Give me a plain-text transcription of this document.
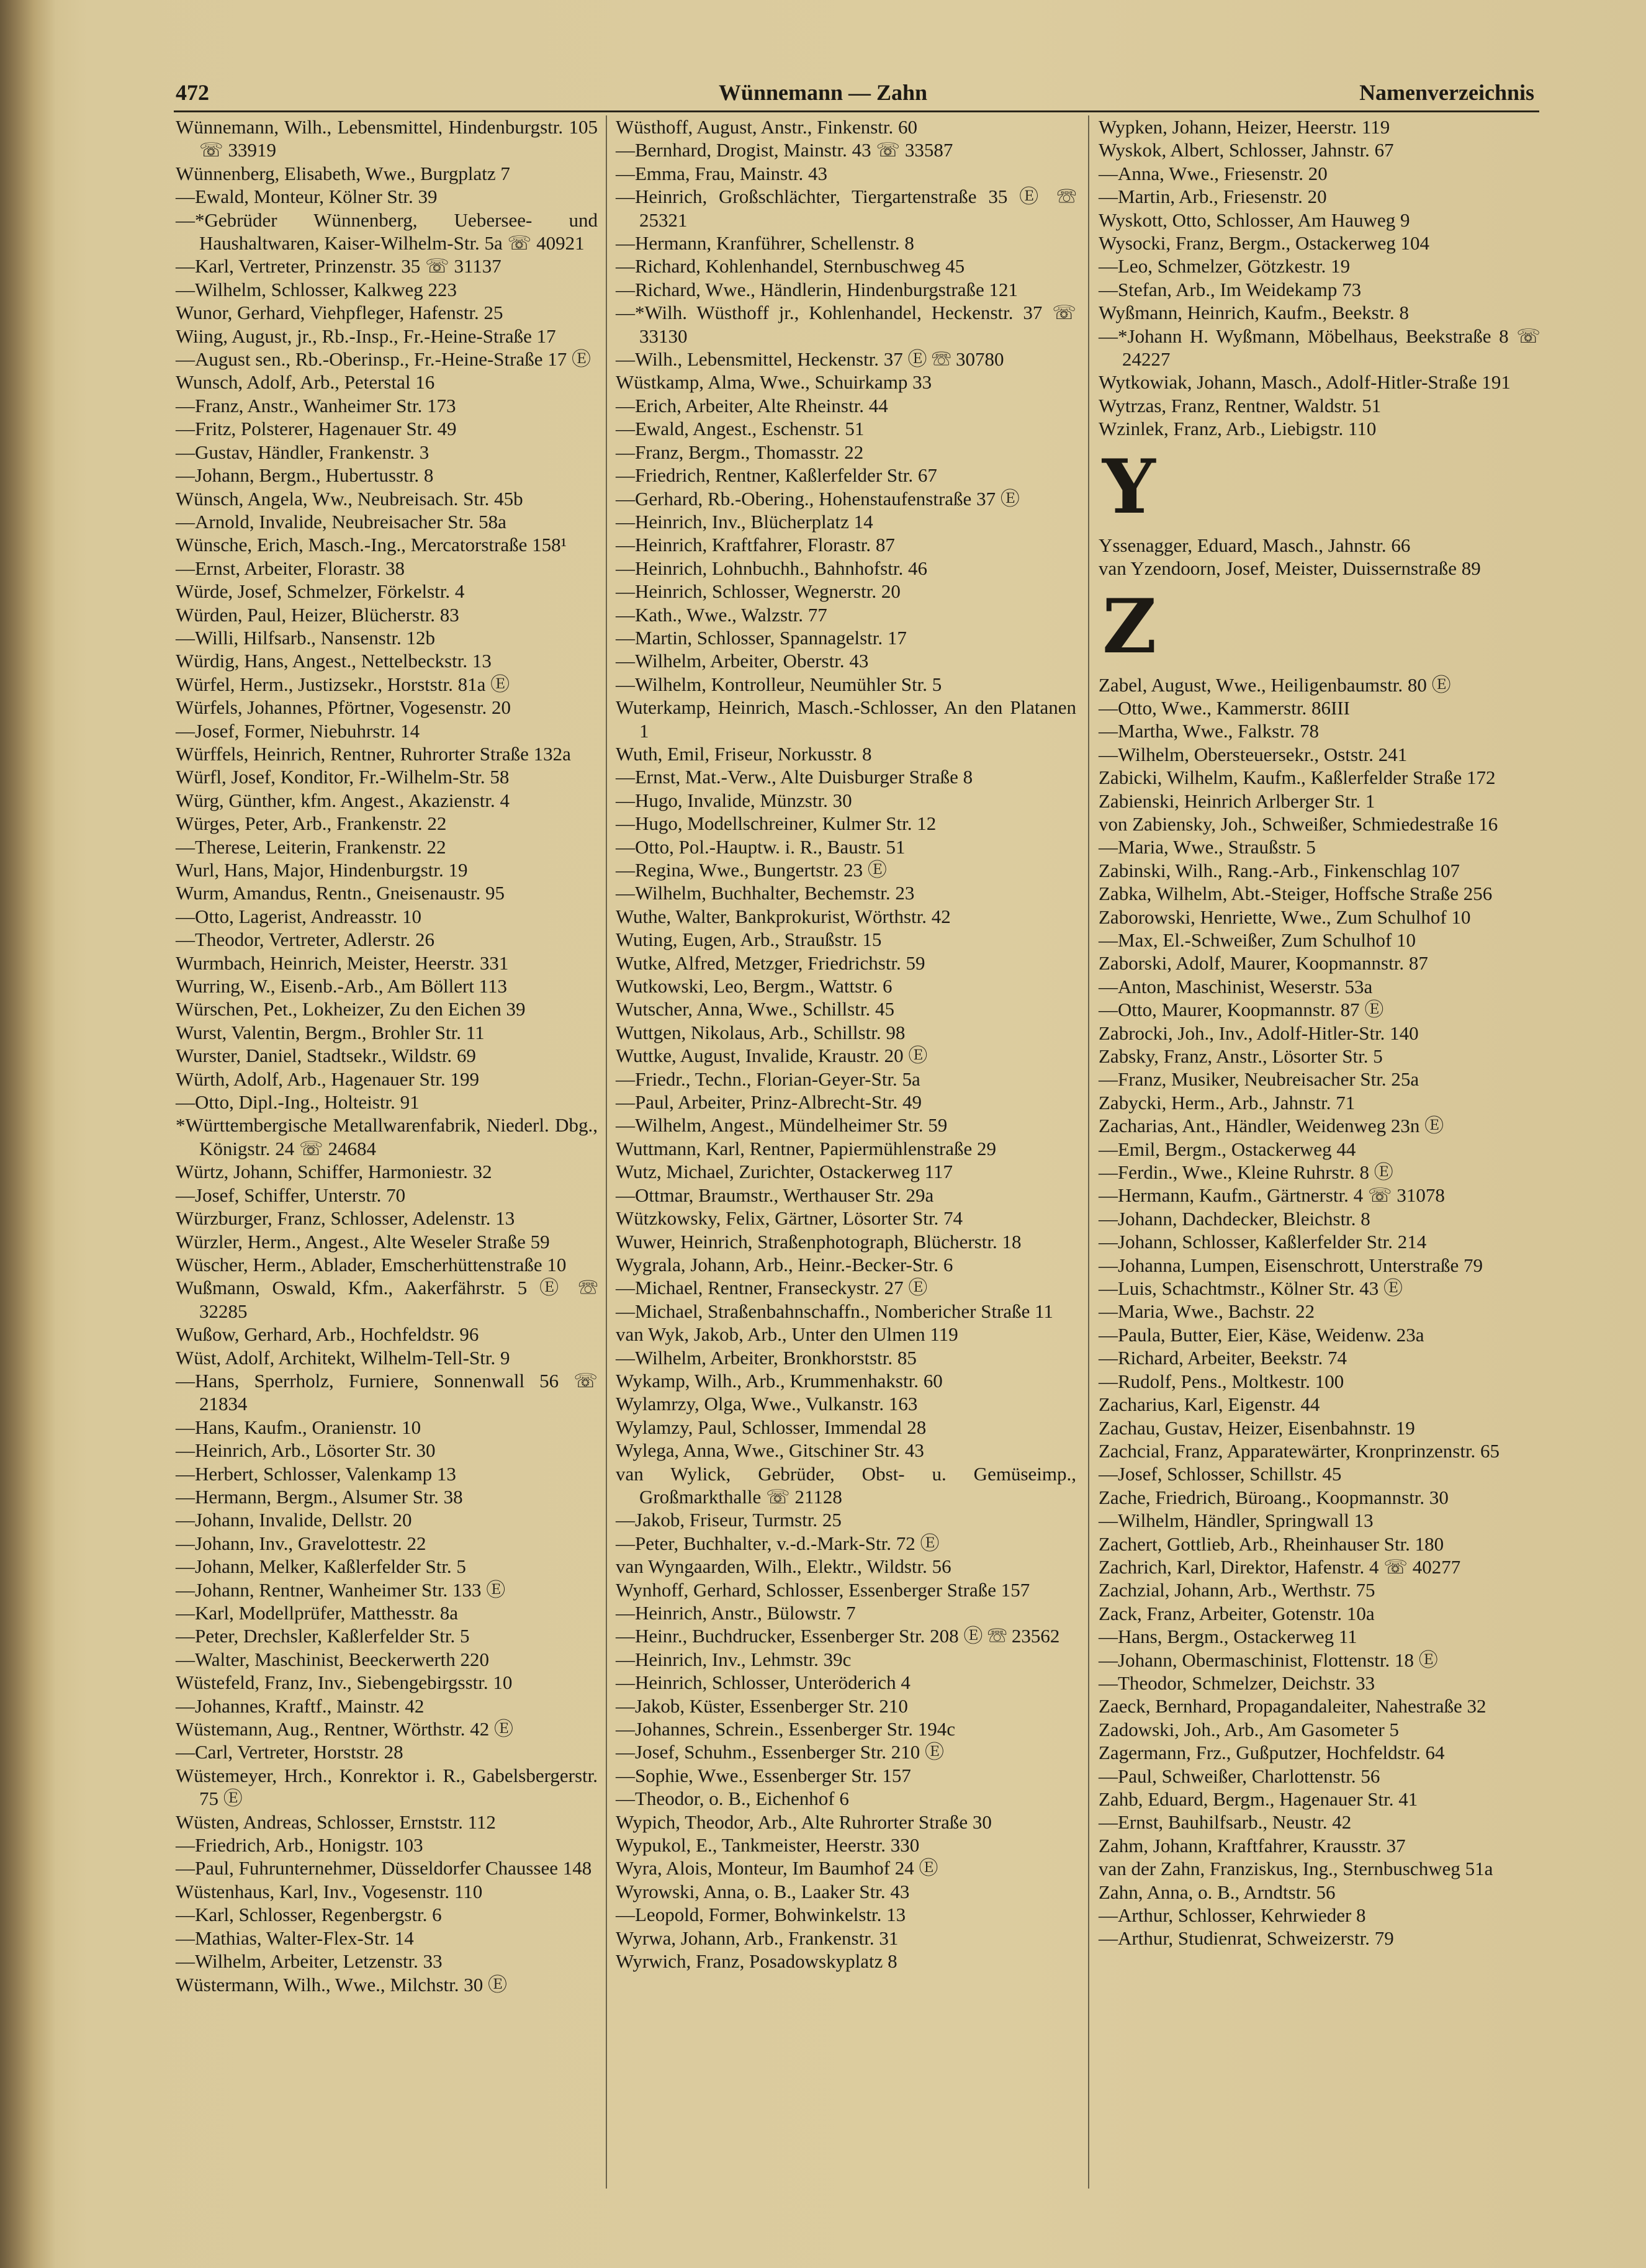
472	Wünnemann — Zahn	Namenverzeichnis
Wünnemann, Wilh., Lebensmittel, Hindenburgstr. 105 ☏ 33919
Wünnenberg, Elisabeth, Wwe., Burgplatz 7
—Ewald, Monteur, Kölner Str. 39
—*Gebrüder Wünnenberg, Uebersee- und Haushaltwaren, Kaiser-Wilhelm-Str. 5a ☏ 40921
—Karl, Vertreter, Prinzenstr. 35 ☏ 31137
—Wilhelm, Schlosser, Kalkweg 223
Wunor, Gerhard, Viehpfleger, Hafenstr. 25
Wiing, August, jr., Rb.-Insp., Fr.-Heine-Straße 17
—August sen., Rb.-Oberinsp., Fr.-Heine-Straße 17 Ⓔ
Wunsch, Adolf, Arb., Peterstal 16
—Franz, Anstr., Wanheimer Str. 173
—Fritz, Polsterer, Hagenauer Str. 49
—Gustav, Händler, Frankenstr. 3
—Johann, Bergm., Hubertusstr. 8
Wünsch, Angela, Ww., Neubreisach. Str. 45b
—Arnold, Invalide, Neubreisacher Str. 58a
Wünsche, Erich, Masch.-Ing., Mercatorstraße 158¹
—Ernst, Arbeiter, Florastr. 38
Würde, Josef, Schmelzer, Förkelstr. 4
Würden, Paul, Heizer, Blücherstr. 83
—Willi, Hilfsarb., Nansenstr. 12b
Würdig, Hans, Angest., Nettelbeckstr. 13
Würfel, Herm., Justizsekr., Horststr. 81a Ⓔ
Würfels, Johannes, Pförtner, Vogesenstr. 20
—Josef, Former, Niebuhrstr. 14
Würffels, Heinrich, Rentner, Ruhrorter Straße 132a
Würfl, Josef, Konditor, Fr.-Wilhelm-Str. 58
Würg, Günther, kfm. Angest., Akazienstr. 4
Würges, Peter, Arb., Frankenstr. 22
—Therese, Leiterin, Frankenstr. 22
Wurl, Hans, Major, Hindenburgstr. 19
Wurm, Amandus, Rentn., Gneisenaustr. 95
—Otto, Lagerist, Andreasstr. 10
—Theodor, Vertreter, Adlerstr. 26
Wurmbach, Heinrich, Meister, Heerstr. 331
Wurring, W., Eisenb.-Arb., Am Böllert 113
Würschen, Pet., Lokheizer, Zu den Eichen 39
Wurst, Valentin, Bergm., Brohler Str. 11
Wurster, Daniel, Stadtsekr., Wildstr. 69
Würth, Adolf, Arb., Hagenauer Str. 199
—Otto, Dipl.-Ing., Holteistr. 91
*Württembergische Metallwarenfabrik, Niederl. Dbg., Königstr. 24 ☏ 24684
Würtz, Johann, Schiffer, Harmoniestr. 32
—Josef, Schiffer, Unterstr. 70
Würzburger, Franz, Schlosser, Adelenstr. 13
Würzler, Herm., Angest., Alte Weseler Straße 59
Wüscher, Herm., Ablader, Emscherhüttenstraße 10
Wußmann, Oswald, Kfm., Aakerfährstr. 5 Ⓔ ☏ 32285
Wußow, Gerhard, Arb., Hochfeldstr. 96
Wüst, Adolf, Architekt, Wilhelm-Tell-Str. 9
—Hans, Sperrholz, Furniere, Sonnenwall 56 ☏ 21834
—Hans, Kaufm., Oranienstr. 10
—Heinrich, Arb., Lösorter Str. 30
—Herbert, Schlosser, Valenkamp 13
—Hermann, Bergm., Alsumer Str. 38
—Johann, Invalide, Dellstr. 20
—Johann, Inv., Gravelottestr. 22
—Johann, Melker, Kaßlerfelder Str. 5
—Johann, Rentner, Wanheimer Str. 133 Ⓔ
—Karl, Modellprüfer, Matthesstr. 8a
—Peter, Drechsler, Kaßlerfelder Str. 5
—Walter, Maschinist, Beeckerwerth 220
Wüstefeld, Franz, Inv., Siebengebirgsstr. 10
—Johannes, Kraftf., Mainstr. 42
Wüstemann, Aug., Rentner, Wörthstr. 42 Ⓔ
—Carl, Vertreter, Horststr. 28
Wüstemeyer, Hrch., Konrektor i. R., Gabelsbergerstr. 75 Ⓔ
Wüsten, Andreas, Schlosser, Ernststr. 112
—Friedrich, Arb., Honigstr. 103
—Paul, Fuhrunternehmer, Düsseldorfer Chaussee 148
Wüstenhaus, Karl, Inv., Vogesenstr. 110
—Karl, Schlosser, Regenbergstr. 6
—Mathias, Walter-Flex-Str. 14
—Wilhelm, Arbeiter, Letzenstr. 33
Wüstermann, Wilh., Wwe., Milchstr. 30 Ⓔ
Wüsthoff, August, Anstr., Finkenstr. 60
—Bernhard, Drogist, Mainstr. 43 ☏ 33587
—Emma, Frau, Mainstr. 43
—Heinrich, Großschlächter, Tiergartenstraße 35 Ⓔ ☏ 25321
—Hermann, Kranführer, Schellenstr. 8
—Richard, Kohlenhandel, Sternbuschweg 45
—Richard, Wwe., Händlerin, Hindenburgstraße 121
—*Wilh. Wüsthoff jr., Kohlenhandel, Heckenstr. 37 ☏ 33130
—Wilh., Lebensmittel, Heckenstr. 37 Ⓔ ☏ 30780
Wüstkamp, Alma, Wwe., Schuirkamp 33
—Erich, Arbeiter, Alte Rheinstr. 44
—Ewald, Angest., Eschenstr. 51
—Franz, Bergm., Thomasstr. 22
—Friedrich, Rentner, Kaßlerfelder Str. 67
—Gerhard, Rb.-Obering., Hohenstaufenstraße 37 Ⓔ
—Heinrich, Inv., Blücherplatz 14
—Heinrich, Kraftfahrer, Florastr. 87
—Heinrich, Lohnbuchh., Bahnhofstr. 46
—Heinrich, Schlosser, Wegnerstr. 20
—Kath., Wwe., Walzstr. 77
—Martin, Schlosser, Spannagelstr. 17
—Wilhelm, Arbeiter, Oberstr. 43
—Wilhelm, Kontrolleur, Neumühler Str. 5
Wuterkamp, Heinrich, Masch.-Schlosser, An den Platanen 1
Wuth, Emil, Friseur, Norkusstr. 8
—Ernst, Mat.-Verw., Alte Duisburger Straße 8
—Hugo, Invalide, Münzstr. 30
—Hugo, Modellschreiner, Kulmer Str. 12
—Otto, Pol.-Hauptw. i. R., Baustr. 51
—Regina, Wwe., Bungertstr. 23 Ⓔ
—Wilhelm, Buchhalter, Bechemstr. 23
Wuthe, Walter, Bankprokurist, Wörthstr. 42
Wuting, Eugen, Arb., Straußstr. 15
Wutke, Alfred, Metzger, Friedrichstr. 59
Wutkowski, Leo, Bergm., Wattstr. 6
Wutscher, Anna, Wwe., Schillstr. 45
Wuttgen, Nikolaus, Arb., Schillstr. 98
Wuttke, August, Invalide, Kraustr. 20 Ⓔ
—Friedr., Techn., Florian-Geyer-Str. 5a
—Paul, Arbeiter, Prinz-Albrecht-Str. 49
—Wilhelm, Angest., Mündelheimer Str. 59
Wuttmann, Karl, Rentner, Papiermühlenstraße 29
Wutz, Michael, Zurichter, Ostackerweg 117
—Ottmar, Braumstr., Werthauser Str. 29a
Wützkowsky, Felix, Gärtner, Lösorter Str. 74
Wuwer, Heinrich, Straßenphotograph, Blücherstr. 18
Wygrala, Johann, Arb., Heinr.-Becker-Str. 6
—Michael, Rentner, Franseckystr. 27 Ⓔ
—Michael, Straßenbahnschaffn., Nombericher Straße 11
van Wyk, Jakob, Arb., Unter den Ulmen 119
—Wilhelm, Arbeiter, Bronkhorststr. 85
Wykamp, Wilh., Arb., Krummenhakstr. 60
Wylamrzy, Olga, Wwe., Vulkanstr. 163
Wylamzy, Paul, Schlosser, Immendal 28
Wylega, Anna, Wwe., Gitschiner Str. 43
van Wylick, Gebrüder, Obst- u. Gemüseimp., Großmarkthalle ☏ 21128
—Jakob, Friseur, Turmstr. 25
—Peter, Buchhalter, v.-d.-Mark-Str. 72 Ⓔ
van Wyngaarden, Wilh., Elektr., Wildstr. 56
Wynhoff, Gerhard, Schlosser, Essenberger Straße 157
—Heinrich, Anstr., Bülowstr. 7
—Heinr., Buchdrucker, Essenberger Str. 208 Ⓔ ☏ 23562
—Heinrich, Inv., Lehmstr. 39c
—Heinrich, Schlosser, Unteröderich 4
—Jakob, Küster, Essenberger Str. 210
—Johannes, Schrein., Essenberger Str. 194c
—Josef, Schuhm., Essenberger Str. 210 Ⓔ
—Sophie, Wwe., Essenberger Str. 157
—Theodor, o. B., Eichenhof 6
Wypich, Theodor, Arb., Alte Ruhrorter Straße 30
Wypukol, E., Tankmeister, Heerstr. 330
Wyra, Alois, Monteur, Im Baumhof 24 Ⓔ
Wyrowski, Anna, o. B., Laaker Str. 43
—Leopold, Former, Bohwinkelstr. 13
Wyrwa, Johann, Arb., Frankenstr. 31
Wyrwich, Franz, Posadowskyplatz 8
Wypken, Johann, Heizer, Heerstr. 119
Wyskok, Albert, Schlosser, Jahnstr. 67
—Anna, Wwe., Friesenstr. 20
—Martin, Arb., Friesenstr. 20
Wyskott, Otto, Schlosser, Am Hauweg 9
Wysocki, Franz, Bergm., Ostackerweg 104
—Leo, Schmelzer, Götzkestr. 19
—Stefan, Arb., Im Weidekamp 73
Wyßmann, Heinrich, Kaufm., Beekstr. 8
—*Johann H. Wyßmann, Möbelhaus, Beekstraße 8 ☏ 24227
Wytkowiak, Johann, Masch., Adolf-Hitler-Straße 191
Wytrzas, Franz, Rentner, Waldstr. 51
Wzinlek, Franz, Arb., Liebigstr. 110
Y
Yssenagger, Eduard, Masch., Jahnstr. 66
van Yzendoorn, Josef, Meister, Duissernstraße 89
Z
Zabel, August, Wwe., Heiligenbaumstr. 80 Ⓔ
—Otto, Wwe., Kammerstr. 86III
—Martha, Wwe., Falkstr. 78
—Wilhelm, Obersteuersekr., Oststr. 241
Zabicki, Wilhelm, Kaufm., Kaßlerfelder Straße 172
Zabienski, Heinrich Arlberger Str. 1
von Zabiensky, Joh., Schweißer, Schmiedestraße 16
—Maria, Wwe., Straußstr. 5
Zabinski, Wilh., Rang.-Arb., Finkenschlag 107
Zabka, Wilhelm, Abt.-Steiger, Hoffsche Straße 256
Zaborowski, Henriette, Wwe., Zum Schulhof 10
—Max, El.-Schweißer, Zum Schulhof 10
Zaborski, Adolf, Maurer, Koopmannstr. 87
—Anton, Maschinist, Weserstr. 53a
—Otto, Maurer, Koopmannstr. 87 Ⓔ
Zabrocki, Joh., Inv., Adolf-Hitler-Str. 140
Zabsky, Franz, Anstr., Lösorter Str. 5
—Franz, Musiker, Neubreisacher Str. 25a
Zabycki, Herm., Arb., Jahnstr. 71
Zacharias, Ant., Händler, Weidenweg 23n Ⓔ
—Emil, Bergm., Ostackerweg 44
—Ferdin., Wwe., Kleine Ruhrstr. 8 Ⓔ
—Hermann, Kaufm., Gärtnerstr. 4 ☏ 31078
—Johann, Dachdecker, Bleichstr. 8
—Johann, Schlosser, Kaßlerfelder Str. 214
—Johanna, Lumpen, Eisenschrott, Unterstraße 79
—Luis, Schachtmstr., Kölner Str. 43 Ⓔ
—Maria, Wwe., Bachstr. 22
—Paula, Butter, Eier, Käse, Weidenw. 23a
—Richard, Arbeiter, Beekstr. 74
—Rudolf, Pens., Moltkestr. 100
Zacharius, Karl, Eigenstr. 44
Zachau, Gustav, Heizer, Eisenbahnstr. 19
Zachcial, Franz, Apparatewärter, Kronprinzenstr. 65
—Josef, Schlosser, Schillstr. 45
Zache, Friedrich, Büroang., Koopmannstr. 30
—Wilhelm, Händler, Springwall 13
Zachert, Gottlieb, Arb., Rheinhauser Str. 180
Zachrich, Karl, Direktor, Hafenstr. 4 ☏ 40277
Zachzial, Johann, Arb., Werthstr. 75
Zack, Franz, Arbeiter, Gotenstr. 10a
—Hans, Bergm., Ostackerweg 11
—Johann, Obermaschinist, Flottenstr. 18 Ⓔ
—Theodor, Schmelzer, Deichstr. 33
Zaeck, Bernhard, Propagandaleiter, Nahestraße 32
Zadowski, Joh., Arb., Am Gasometer 5
Zagermann, Frz., Gußputzer, Hochfeldstr. 64
—Paul, Schweißer, Charlottenstr. 56
Zahb, Eduard, Bergm., Hagenauer Str. 41
—Ernst, Bauhilfsarb., Neustr. 42
Zahm, Johann, Kraftfahrer, Krausstr. 37
van der Zahn, Franziskus, Ing., Sternbuschweg 51a
Zahn, Anna, o. B., Arndtstr. 56
—Arthur, Schlosser, Kehrwieder 8
—Arthur, Studienrat, Schweizerstr. 79
